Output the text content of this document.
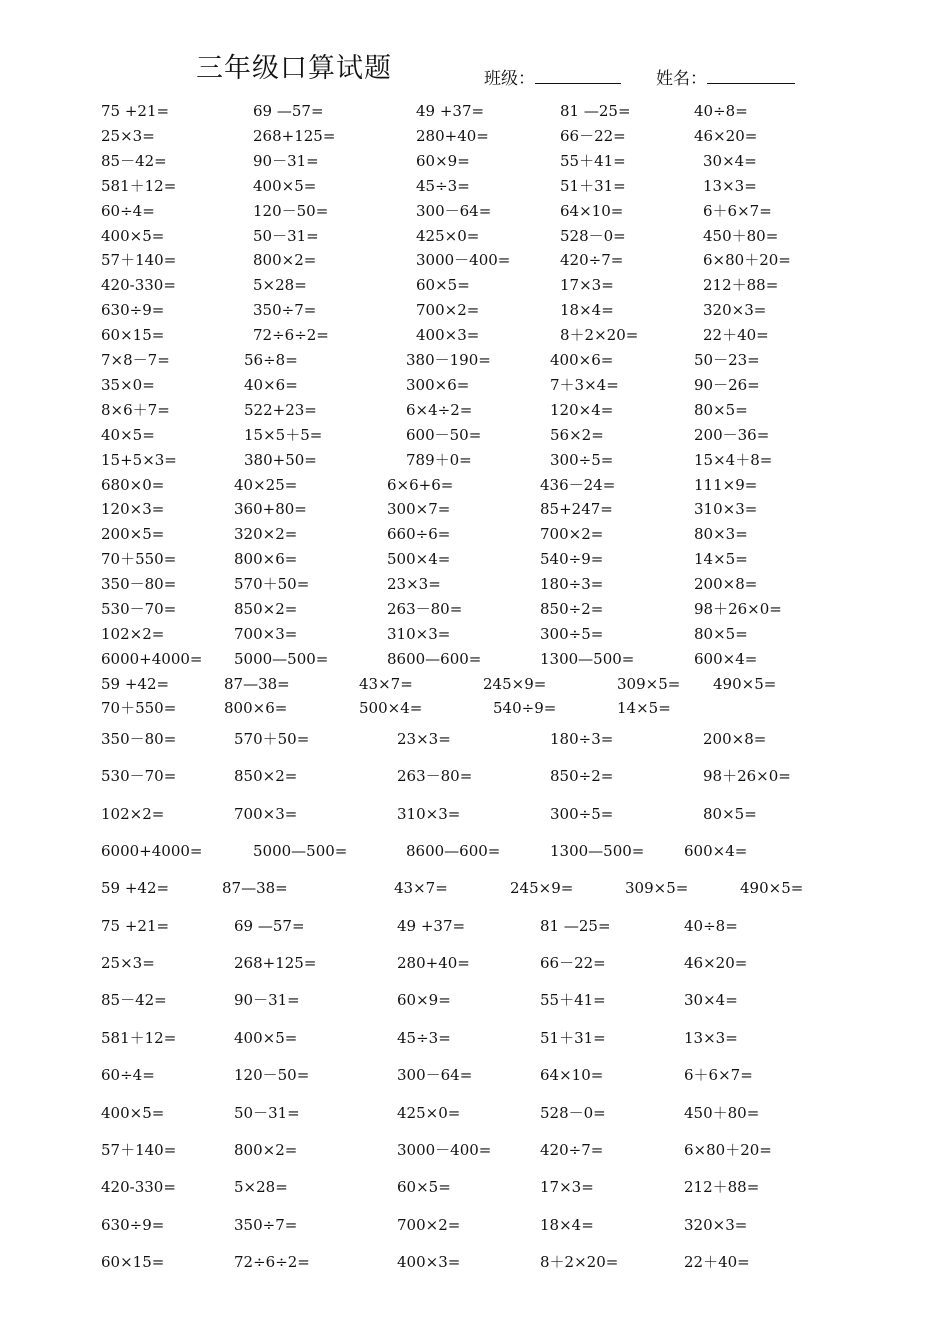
三年级口算试题	班级：	姓名：
75 +21=	69 —57=	49 +37=	81 —25=	40÷8=
25×3=	268+125=	280+40=	66－22=	46×20=
85－42=	90－31=	60×9=	55＋41=	30×4=
581＋12=	400×5=	45÷3=	51＋31=	13×3=
60÷4=	120－50=	300－64=	64×10=	6＋6×7=
400×5=	50－31=	425×0=	528－0=	450＋80=
57＋140=	800×2=	3000－400=	420÷7=	6×80＋20=
420-330=	5×28=	60×5=	17×3=	212＋88=
630÷9=	350÷7=	700×2=	18×4=	320×3=
60×15=	72÷6÷2=	400×3=	8＋2×20=	22＋40=
7×8－7=	56÷8=	380－190=	400×6=	50－23=
35×0=	40×6=	300×6=	7＋3×4=	90－26=
8×6＋7=	522+23=	6×4÷2=	120×4=	80×5=
40×5=	15×5＋5=	600－50=	56×2=	200－36=
15+5×3=	380+50=	789＋0=	300÷5=	15×4＋8=
680×0=	40×25=	6×6+6=	436－24=	111×9=
120×3=	360+80=	300×7=	85+247=	310×3=
200×5=	320×2=	660÷6=	700×2=	80×3=
70＋550=	800×6=	500×4=	540÷9=	14×5=
350－80=	570＋50=	23×3=	180÷3=	200×8=
530－70=	850×2=	263－80=	850÷2=	98＋26×0=
102×2=	700×3=	310×3=	300÷5=	80×5=
6000+4000= 5000—500=	8600—600=	1300—500=	600×4=
59 +42=	87—38=	43×7=	245×9=	309×5= 490×5=
70＋550=	800×6=	500×4=	540÷9=	14×5=
350－80=	570＋50=	23×3=	180÷3=	200×8=
530－70=	850×2=	263－80=	850÷2=	98＋26×0=
102×2=	700×3=	310×3=	300÷5=	80×5=
6000+4000=	5000—500=	8600—600=	1300—500=	600×4=
59 +42=	87—38=	43×7=	245×9=	309×5=	490×5=
75 +21=	69 —57=	49 +37=	81 —25=	40÷8=
25×3=	268+125=	280+40=	66－22=	46×20=
85－42=	90－31=	60×9=	55＋41=	30×4=
581＋12=	400×5=	45÷3=	51＋31=	13×3=
60÷4=	120－50=	300－64=	64×10=	6＋6×7=
400×5=	50－31=	425×0=	528－0=	450＋80=
57＋140=	800×2=	3000－400=	420÷7=	6×80＋20=
420-330=	5×28=	60×5=	17×3=	212＋88=
630÷9=	350÷7=	700×2=	18×4=	320×3=
60×15=	72÷6÷2=	400×3=	8＋2×20=	22＋40=
